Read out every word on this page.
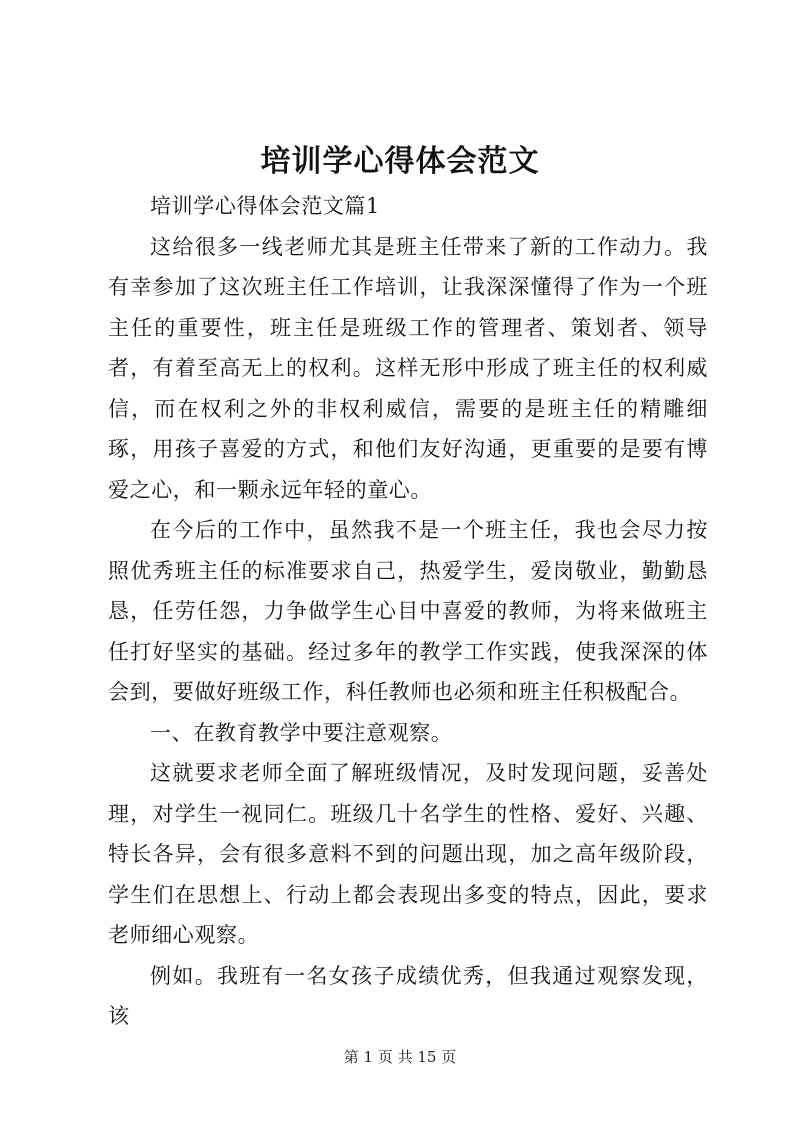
培训学心得体会范文

培训学心得体会范文篇1

这给很多一线老师尤其是班主任带来了新的工作动力。我有幸参加了这次班主任工作培训，让我深深懂得了作为一个班主任的重要性，班主任是班级工作的管理者、策划者、领导者，有着至高无上的权利。这样无形中形成了班主任的权利威信，而在权利之外的非权利威信，需要的是班主任的精雕细琢，用孩子喜爱的方式，和他们友好沟通，更重要的是要有博爱之心，和一颗永远年轻的童心。

在今后的工作中，虽然我不是一个班主任，我也会尽力按照优秀班主任的标准要求自己，热爱学生，爱岗敬业，勤勤恳恳，任劳任怨，力争做学生心目中喜爱的教师，为将来做班主任打好坚实的基础。经过多年的教学工作实践，使我深深的体会到，要做好班级工作，科任教师也必须和班主任积极配合。

一、在教育教学中要注意观察。

这就要求老师全面了解班级情况，及时发现问题，妥善处理，对学生一视同仁。班级几十名学生的性格、爱好、兴趣、特长各异，会有很多意料不到的问题出现，加之高年级阶段，学生们在思想上、行动上都会表现出多变的特点，因此，要求老师细心观察。

例如。我班有一名女孩子成绩优秀，但我通过观察发现，该

第 1 页 共 15 页
